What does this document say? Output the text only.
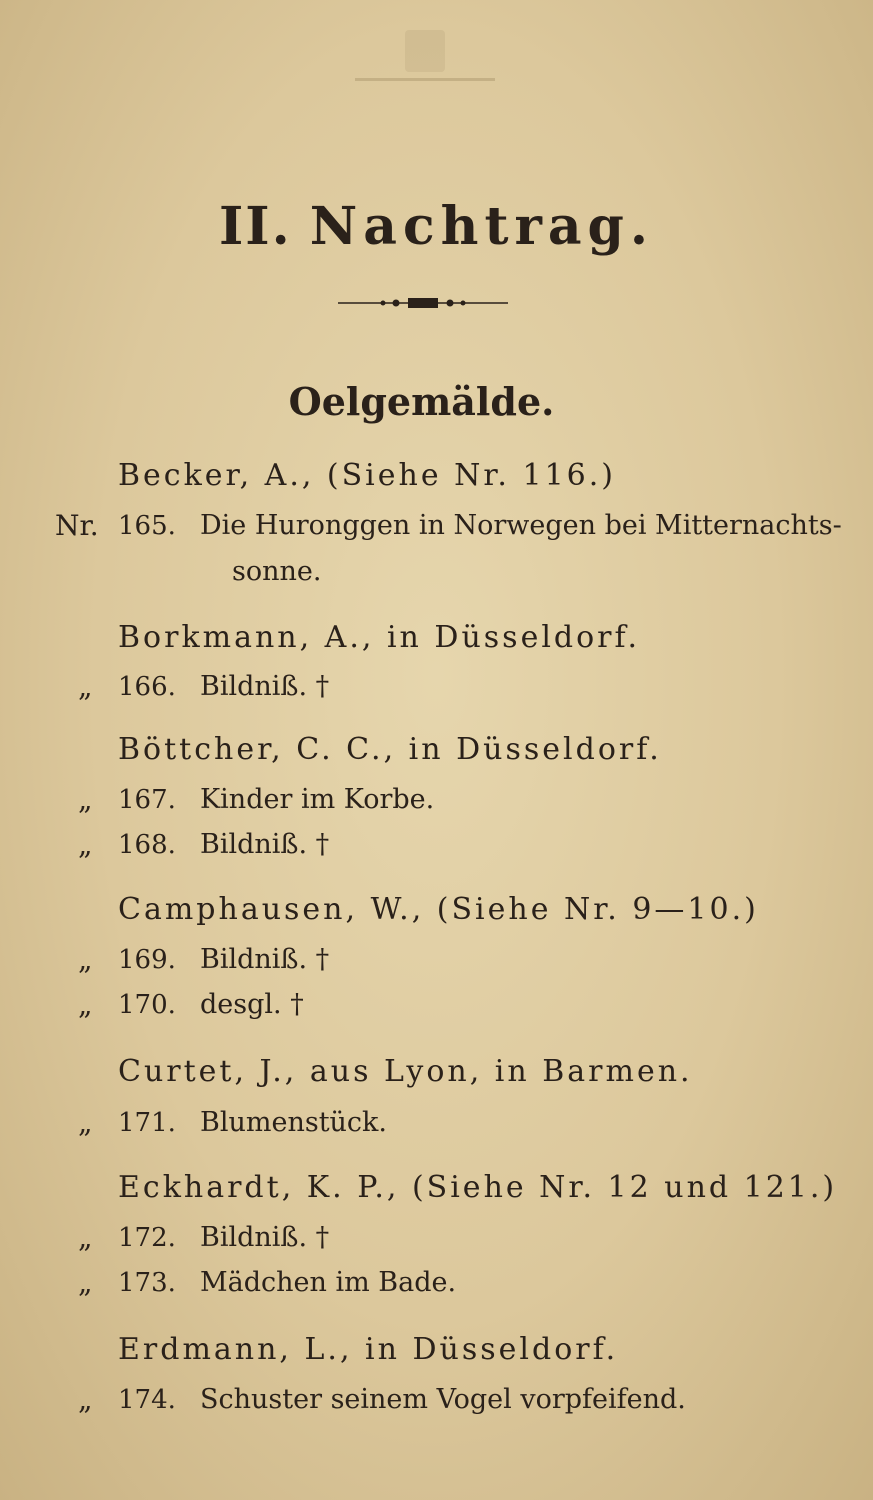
II. Nachtrag.
Oelgemälde.
Becker, A., (Siehe Nr. 116.)
Nr. 165. Die Huronggen in Norwegen bei Mitternachts-
sonne.
Borkmann, A., in Düsseldorf.
„ 166. Bildniß. †
Böttcher, C. C., in Düsseldorf.
„ 167. Kinder im Korbe.
„ 168. Bildniß. †
Camphausen, W., (Siehe Nr. 9—10.)
„ 169. Bildniß. †
„ 170. desgl. †
Curtet, J., aus Lyon, in Barmen.
„ 171. Blumenstück.
Eckhardt, K. P., (Siehe Nr. 12 und 121.)
„ 172. Bildniß. †
„ 173. Mädchen im Bade.
Erdmann, L., in Düsseldorf.
„ 174. Schuster seinem Vogel vorpfeifend.
